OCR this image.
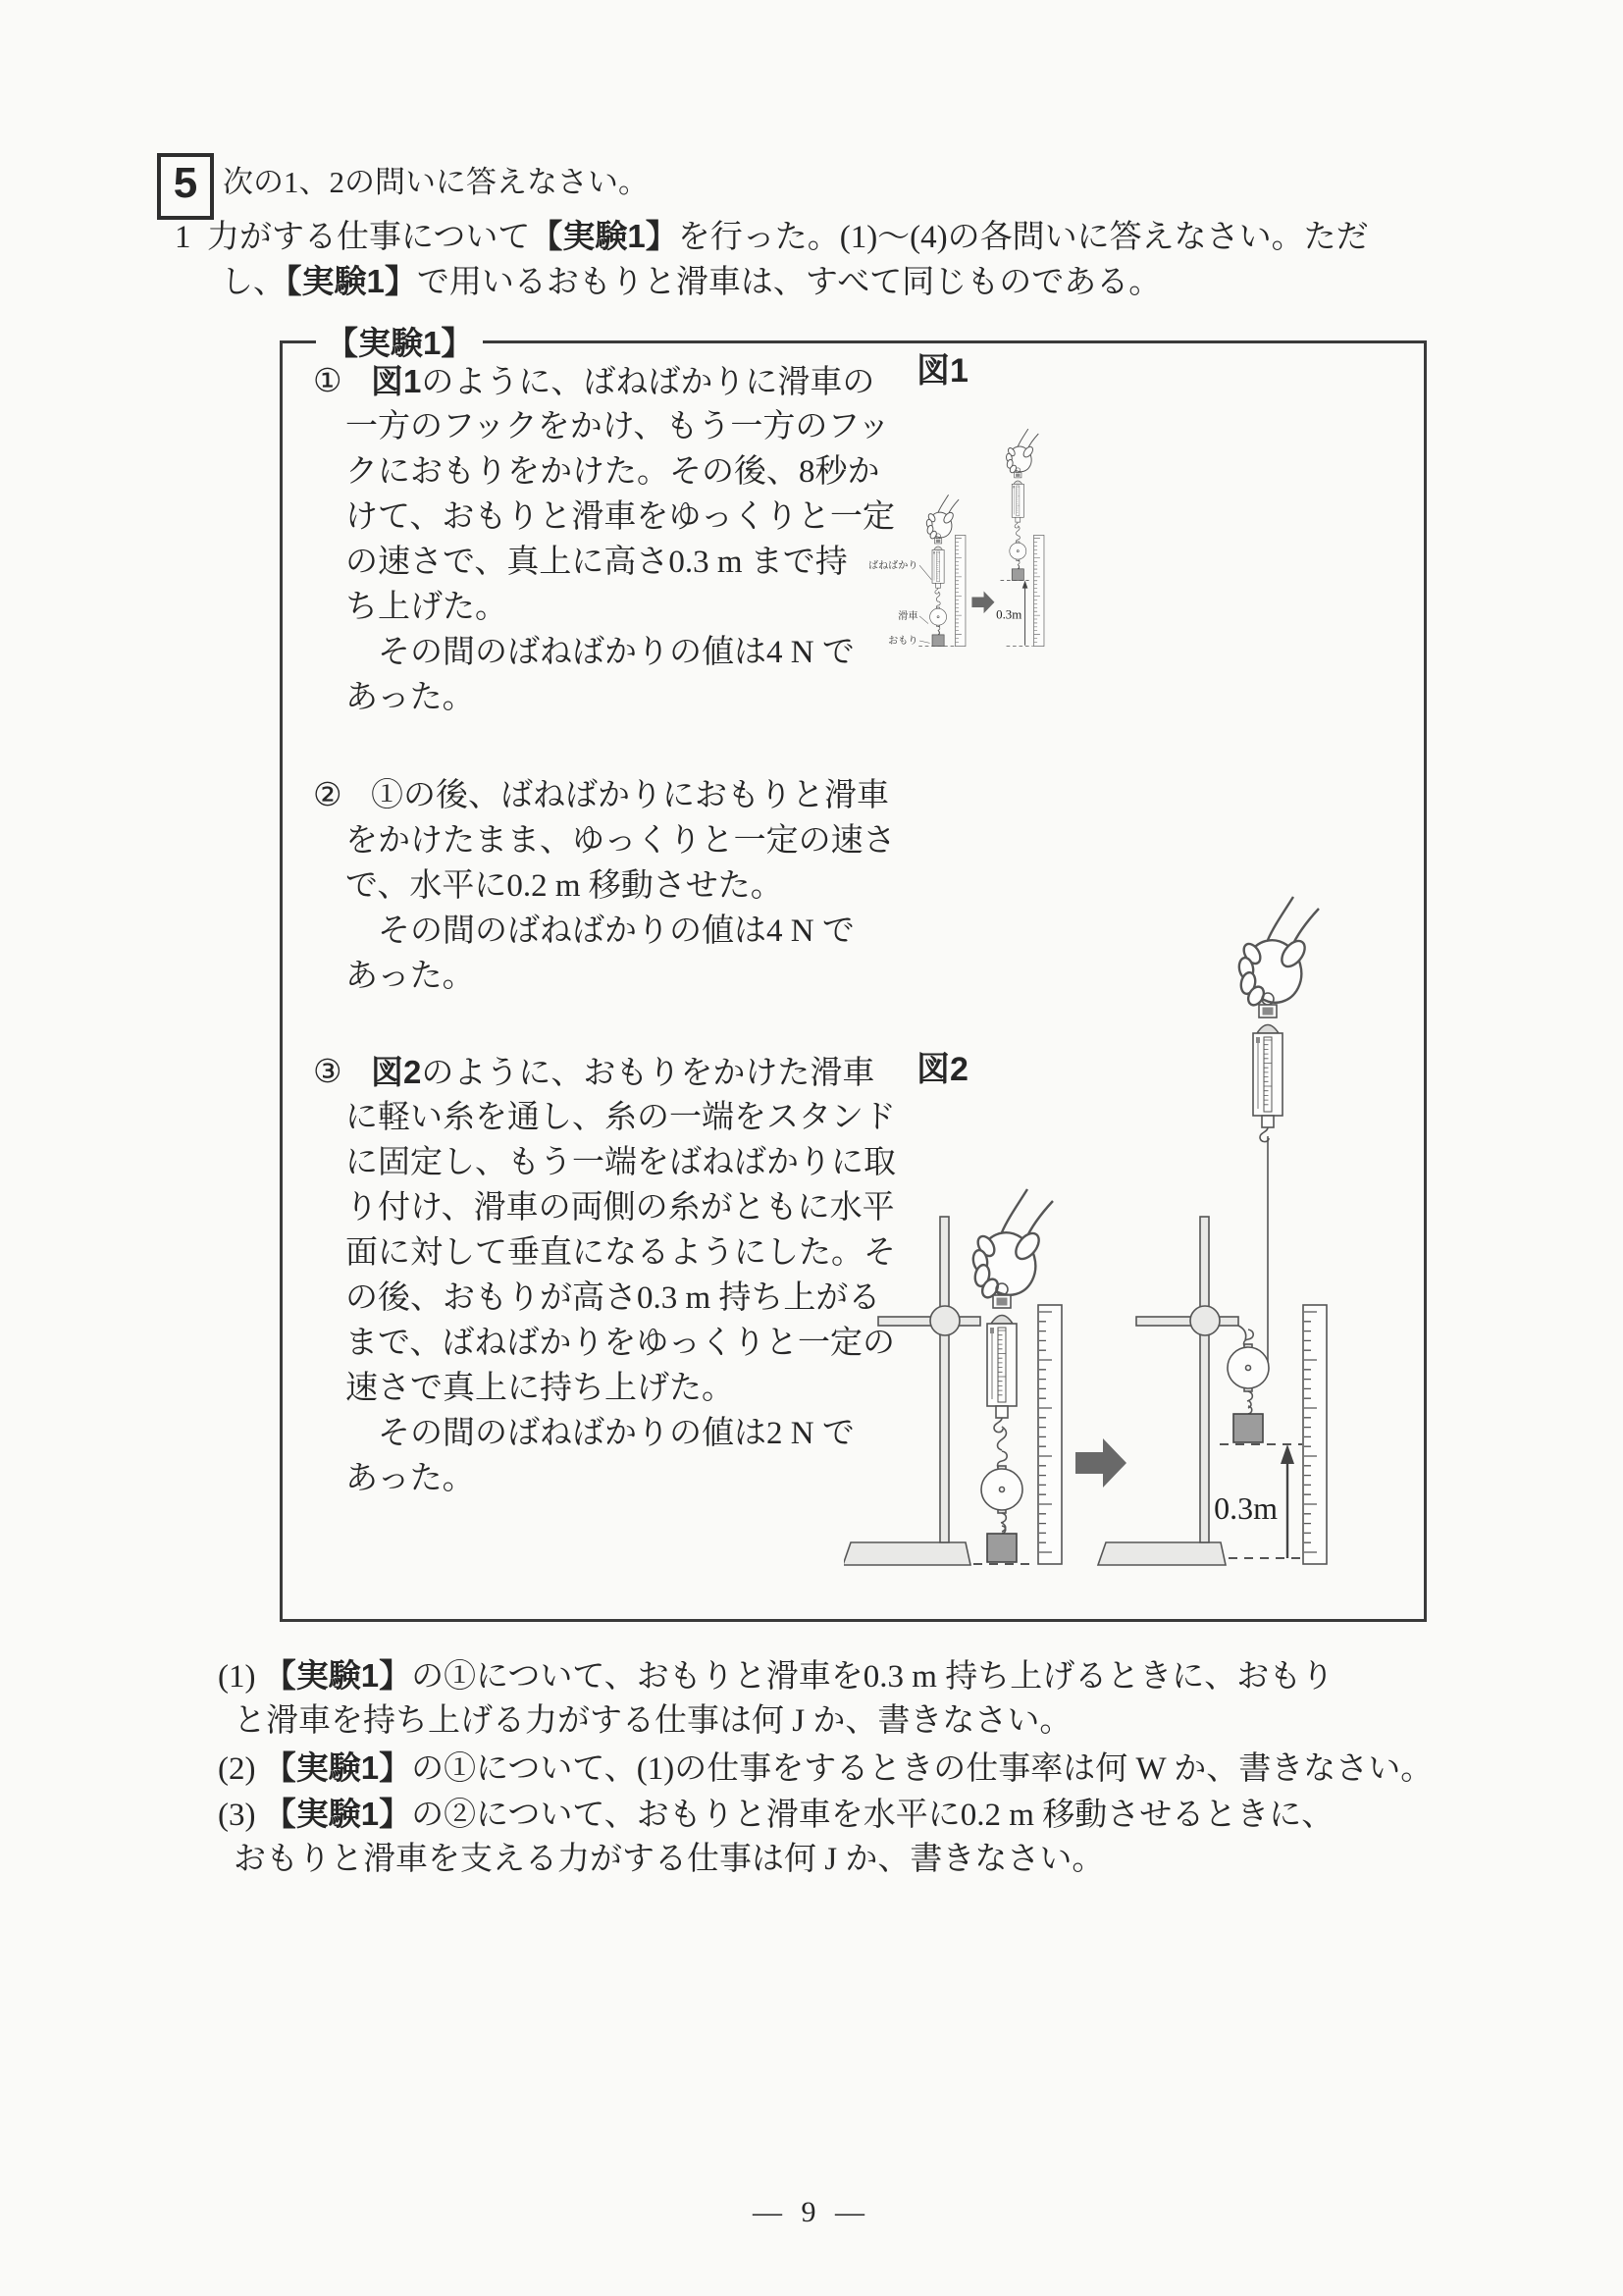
5 次の1、2の問いに答えなさい。
1  力がする仕事について【実験1】を行った。(1)～(4)の各問いに答えなさい。ただ
し、【実験1】で用いるおもりと滑車は、すべて同じものである。
【実験1】
① 図1のように、ばねばかりに滑車の
一方のフックをかけ、もう一方のフッ
クにおもりをかけた。その後、8秒か
けて、おもりと滑車をゆっくりと一定
の速さで、真上に高さ0.3 m まで持
ち上げた。
　その間のばねばかりの値は4 N で
あった。
② ①の後、ばねばかりにおもりと滑車
をかけたまま、ゆっくりと一定の速さ
で、水平に0.2 m 移動させた。
　その間のばねばかりの値は4 N で
あった。
③ 図2のように、おもりをかけた滑車
に軽い糸を通し、糸の一端をスタンド
に固定し、もう一端をばねばかりに取
り付け、滑車の両側の糸がともに水平
面に対して垂直になるようにした。そ
の後、おもりが高さ0.3 m 持ち上がる
まで、ばねばかりをゆっくりと一定の
速さで真上に持ち上げた。
　その間のばねばかりの値は2 N で
あった。
図1
図2
ばねばかり
滑車
おもり
0.3m
0.3m
(1) 【実験1】の①について、おもりと滑車を0.3 m 持ち上げるときに、おもり
と滑車を持ち上げる力がする仕事は何 J か、書きなさい。
(2) 【実験1】の①について、(1)の仕事をするときの仕事率は何 W か、書きなさい。
(3) 【実験1】の②について、おもりと滑車を水平に0.2 m 移動させるときに、
おもりと滑車を支える力がする仕事は何 J か、書きなさい。
— 9 —
